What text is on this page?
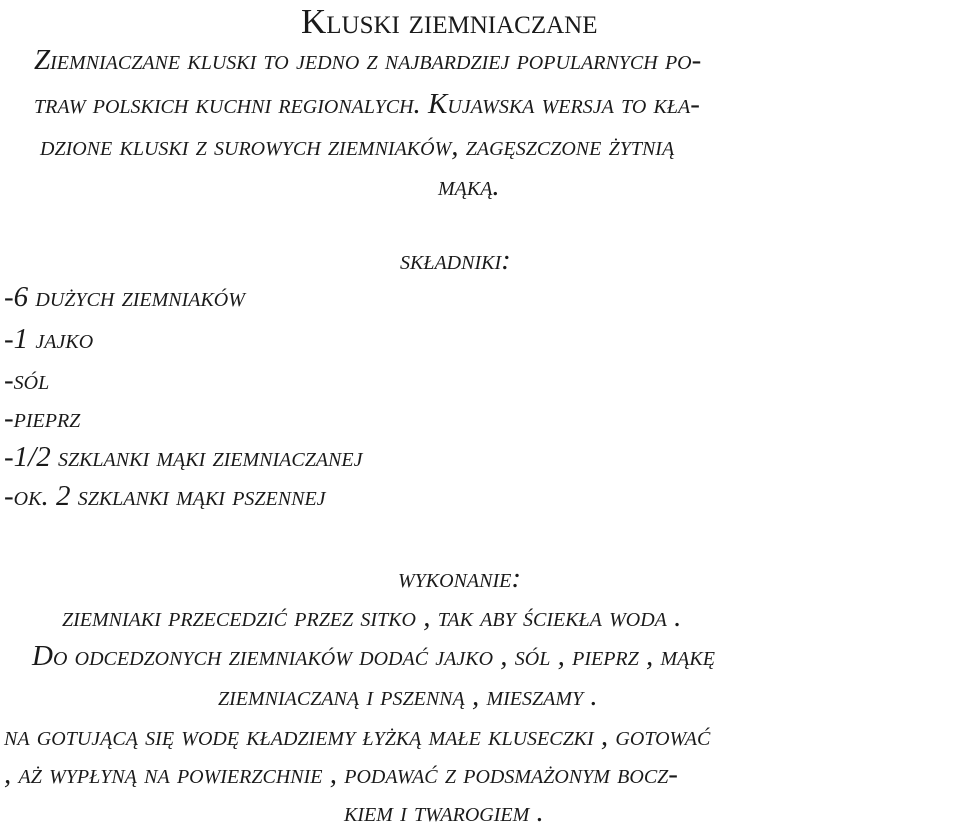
Kluski ziemniaczane
Ziemniaczane kluski to jedno z najbardziej popularnych po-
traw polskich kuchni regionalych. Kujawska wersja to kła-
dzione kluski z surowych ziemniaków, zagęszczone żytnią
mąką.
składniki:
-6 dużych ziemniaków
-1 jajko
-sól
-pieprz
-1/2 szklanki mąki ziemniaczanej
-ok. 2 szklanki mąki pszennej
wykonanie:
ziemniaki przecedzić przez sitko , tak aby ściekła woda .
Do odcedzonych ziemniaków dodać jajko , sól , pieprz , mąkę
ziemniaczaną i pszenną , mieszamy .
na gotującą się wodę kładziemy łyżką małe kluseczki , gotować
, aż wypłyną na powierzchnie , podawać z podsmażonym bocz-
kiem i twarogiem .
